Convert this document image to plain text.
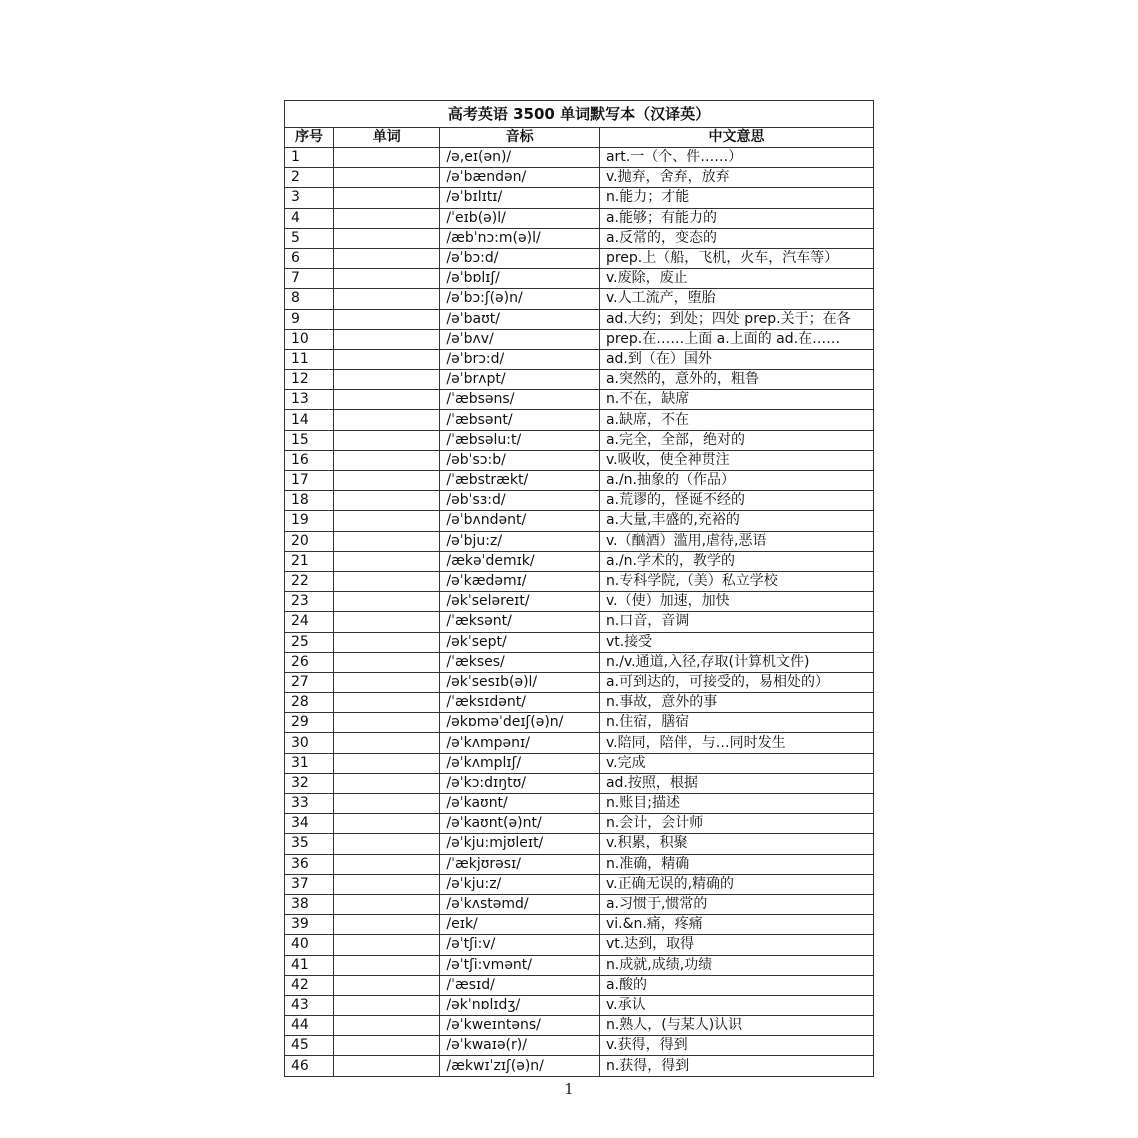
高考英语 3500 单词默写本（汉译英）			
序号	单词	音标	中文意思
1		/ə,eɪ(ən)/	art.一（个、件……）
2		/əˈbændən/	v.抛弃，舍弃，放弃
3		/əˈbɪlɪtɪ/	n.能力；才能
4		/ˈeɪb(ə)l/	a.能够；有能力的
5		/æbˈnɔ:m(ə)l/	a.反常的，变态的
6		/əˈbɔ:d/	prep.上（船，飞机，火车，汽车等）
7		/əˈbɒlɪʃ/	v.废除，废止
8		/əˈbɔ:ʃ(ə)n/	v.人工流产，堕胎
9		/əˈbaʊt/	ad.大约；到处；四处 prep.关于；在各
10		/əˈbʌv/	prep.在……上面 a.上面的 ad.在……
11		/əˈbrɔ:d/	ad.到（在）国外
12		/əˈbrʌpt/	a.突然的，意外的，粗鲁
13		/ˈæbsəns/	n.不在，缺席
14		/ˈæbsənt/	a.缺席，不在
15		/ˈæbsəlu:t/	a.完全，全部，绝对的
16		/əbˈsɔ:b/	v.吸收，使全神贯注
17		/ˈæbstrækt/	a./n.抽象的（作品）
18		/əbˈsɜ:d/	a.荒谬的，怪诞不经的
19		/əˈbʌndənt/	a.大量,丰盛的,充裕的
20		/əˈbju:z/	v.（酗酒）滥用,虐待,恶语
21		/ækəˈdemɪk/	a./n.学术的，教学的
22		/əˈkædəmɪ/	n.专科学院,（美）私立学校
23		/əkˈseləreɪt/	v.（使）加速，加快
24		/ˈæksənt/	n.口音，音调
25		/əkˈsept/	vt.接受
26		/ˈækses/	n./v.通道,入径,存取(计算机文件)
27		/əkˈsesɪb(ə)l/	a.可到达的，可接受的，易相处的）
28		/ˈæksɪdənt/	n.事故，意外的事
29		/əkɒməˈdeɪʃ(ə)n/	n.住宿，膳宿
30		/əˈkʌmpənɪ/	v.陪同，陪伴，与…同时发生
31		/əˈkʌmplɪʃ/	v.完成
32		/əˈkɔ:dɪŋtʊ/	ad.按照，根据
33		/əˈkaʊnt/	n.账目;描述
34		/əˈkaʊnt(ə)nt/	n.会计，会计师
35		/əˈkju:mjʊleɪt/	v.积累，积聚
36		/ˈækjʊrəsɪ/	n.准确，精确
37		/əˈkju:z/	v.正确无误的,精确的
38		/əˈkʌstəmd/	a.习惯于,惯常的
39		/eɪk/	vi.&n.痛，疼痛
40		/əˈtʃi:v/	vt.达到，取得
41		/əˈtʃi:vmənt/	n.成就,成绩,功绩
42		/ˈæsɪd/	a.酸的
43		/əkˈnɒlɪdʒ/	v.承认
44		/əˈkweɪntəns/	n.熟人，(与某人)认识
45		/əˈkwaɪə(r)/	v.获得，得到
46		/ækwɪˈzɪʃ(ə)n/	n.获得，得到
1
